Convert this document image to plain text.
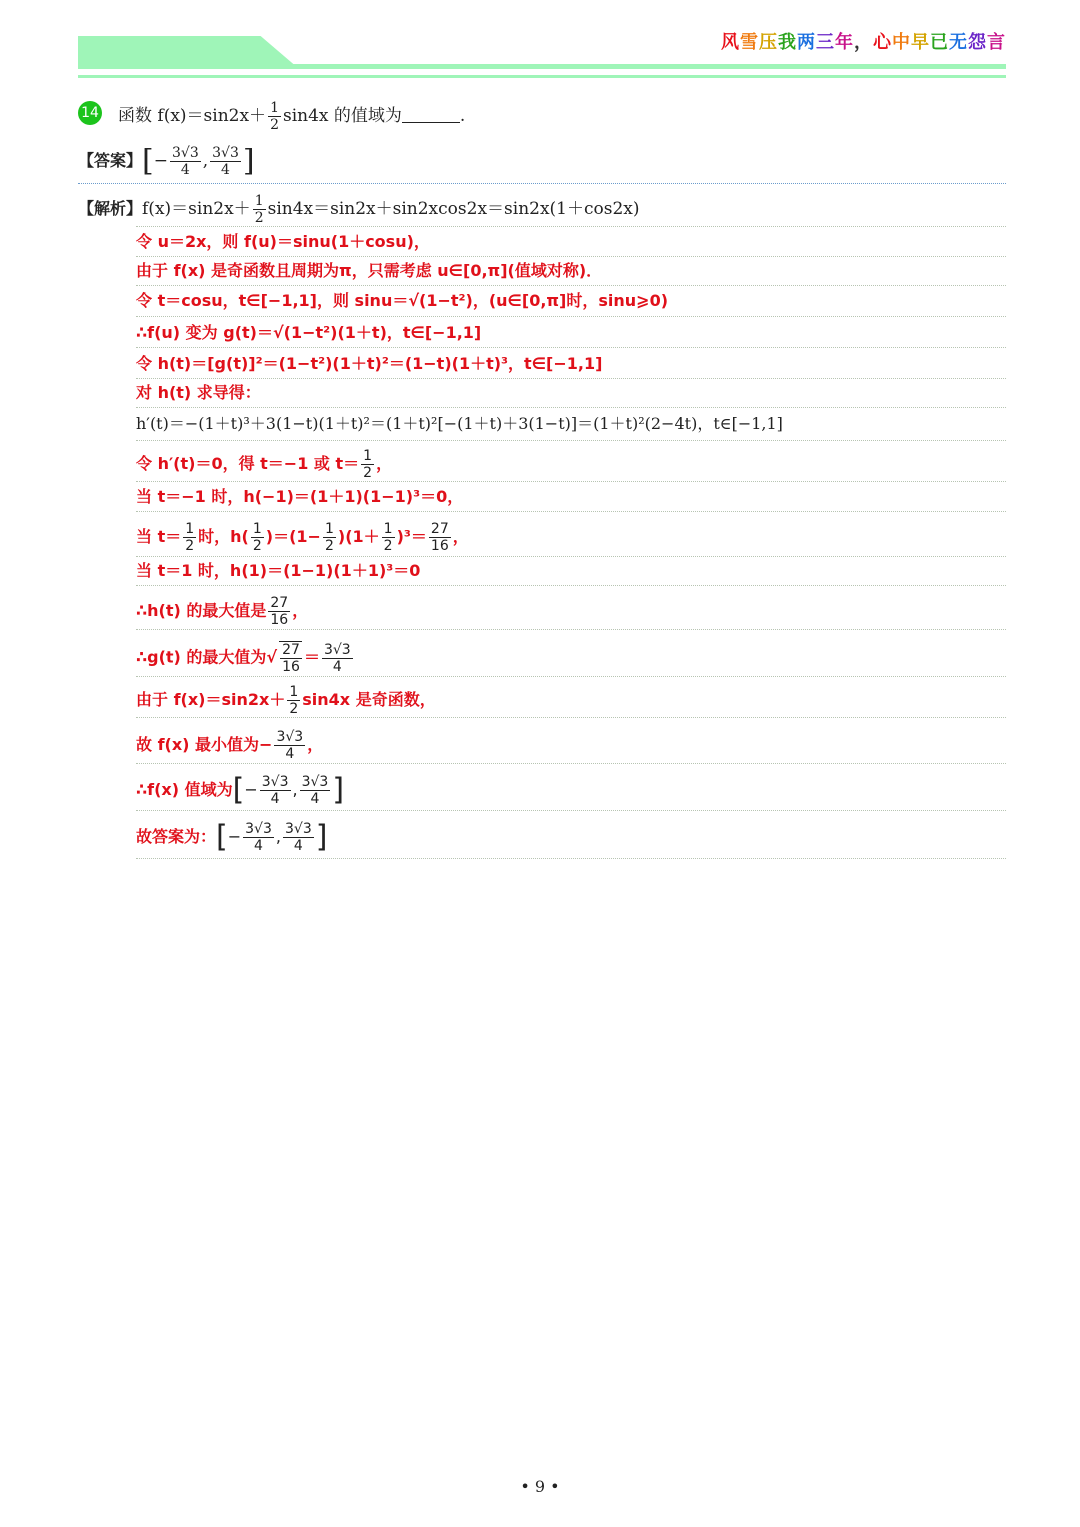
风雪压我两三年，心中早已无怨言
14 函数 $f(x)=\sin 2x+ \frac{1}{2} \sin 4x$ 的值域为	.
【答案】[− $\frac{3√3}{4}$ , $\frac{3√3}{4}$ ]
【解析】$f(x)=\sin 2x+ \frac{1}{2} \sin 4x=\sin 2x+\sin 2xcos2x=\sin 2x(1+\cos 2x)$
令 u＝2x，则 f(u)＝sinu(1＋cosu)，
由于 f(x) 是奇函数且周期为π，只需考虑 u∈[0,π](值域对称)．
令 t＝cosu，t∈[−1,1]，则 sinu＝√(1−t²)，(u∈[0,π]时，sinu⩾0)
∴f(u) 变为 g(t)＝√(1−t²)(1＋t)，t∈[−1,1]
令 h(t)＝[g(t)]²＝(1−t²)(1＋t)²＝(1−t)(1＋t)³，t∈[−1,1]
对 h(t) 求导得：
h′(t)＝−(1＋t)³＋3(1−t)(1＋t)²＝(1＋t)²[−(1＋t)＋3(1−t)]＝(1＋t)²(2−4t)，t∈[−1,1]
令 h′(t)＝0，得 t＝−1 或 $t= \frac{1}{2}$ ，
当 t＝−1 时，h(−1)＝(1＋1)(1−1)³＝0，
当 $t= \frac{1}{2}$ 时，$h( \frac{1}{2} )=(1- \frac{1}{2} )(1+ \frac{1}{2} )^3= \frac{27}{16}$ ，
当 t＝1 时，h(1)＝(1−1)(1＋1)³＝0
∴h(t) 的最大值是 $\frac{27}{16}$ ，
∴g(t) 的最大值为√ $\frac{27}{16} = \frac{3√3}{4}$
由于 $f(x)=\sin 2x+ \frac{1}{2} \sin 4x$ 是奇函数，
故 f(x) 最小值为− $\frac{3√3}{4}$ ，
∴f(x) 值域为[− $\frac{3√3}{4}$ , $\frac{3√3}{4}$ ]
故答案为：[− $\frac{3√3}{4}$ , $\frac{3√3}{4}$ ]
• 9 •
